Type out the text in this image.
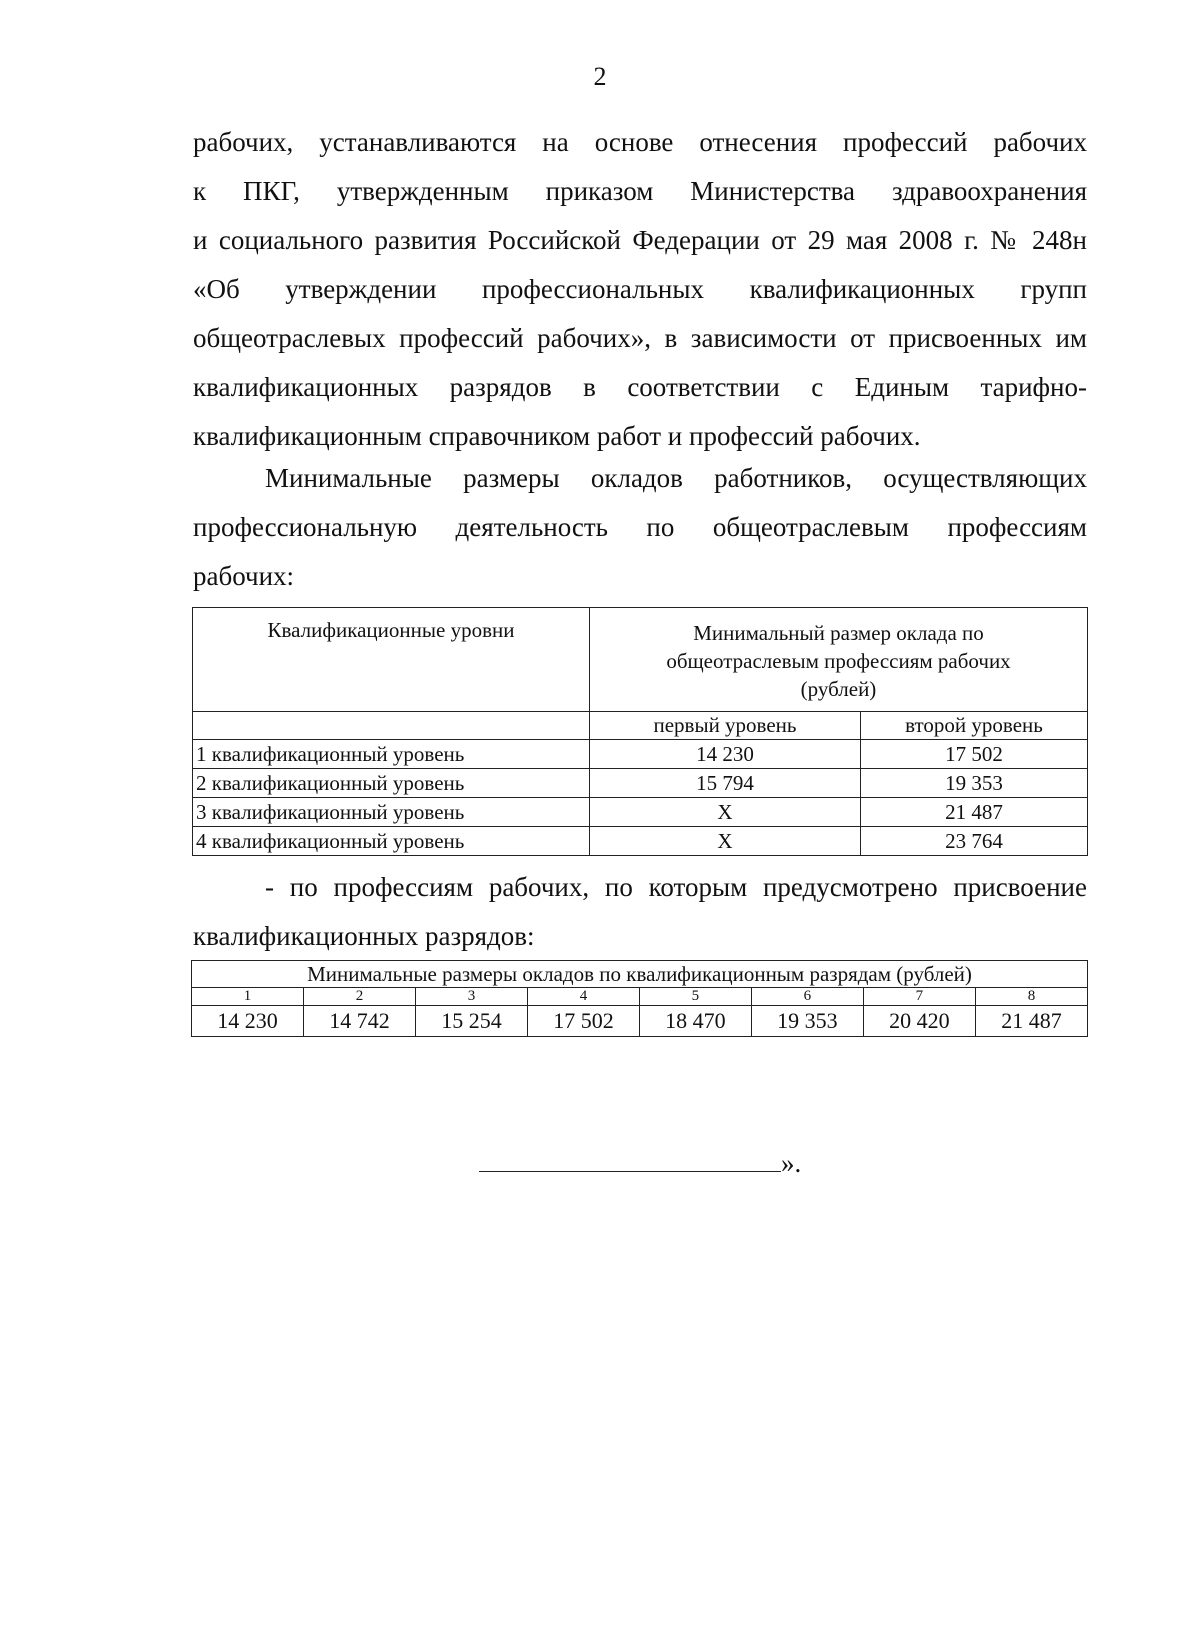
2
рабочих, устанавливаются на основе отнесения профессий рабочих
к ПКГ, утвержденным приказом Министерства здравоохранения
и социального развития Российской Федерации от 29 мая 2008 г. № 248н
«Об утверждении профессиональных квалификационных групп
общеотраслевых профессий рабочих», в зависимости от присвоенных им
квалификационных разрядов в соответствии с Единым тарифно-
квалификационным справочником работ и профессий рабочих.
Минимальные размеры окладов работников, осуществляющих
профессиональную деятельность по общеотраслевым профессиям
рабочих:
Квалификационные уровни	Минимальный размер оклада по
общеотраслевым профессиям рабочих
(рублей)	

	первый уровень	второй уровень
1 квалификационный уровень	14 230	17 502
2 квалификационный уровень	15 794	19 353
3 квалификационный уровень	Х	21 487
4 квалификационный уровень	Х	23 764
- по профессиям рабочих, по которым предусмотрено присвоение
квалификационных разрядов:
Минимальные размеры окладов по квалификационным разрядам (рублей)							
1	2	3	4	5	6	7	8
14 230	14 742	15 254	17 502	18 470	19 353	20 420	21 487
».
